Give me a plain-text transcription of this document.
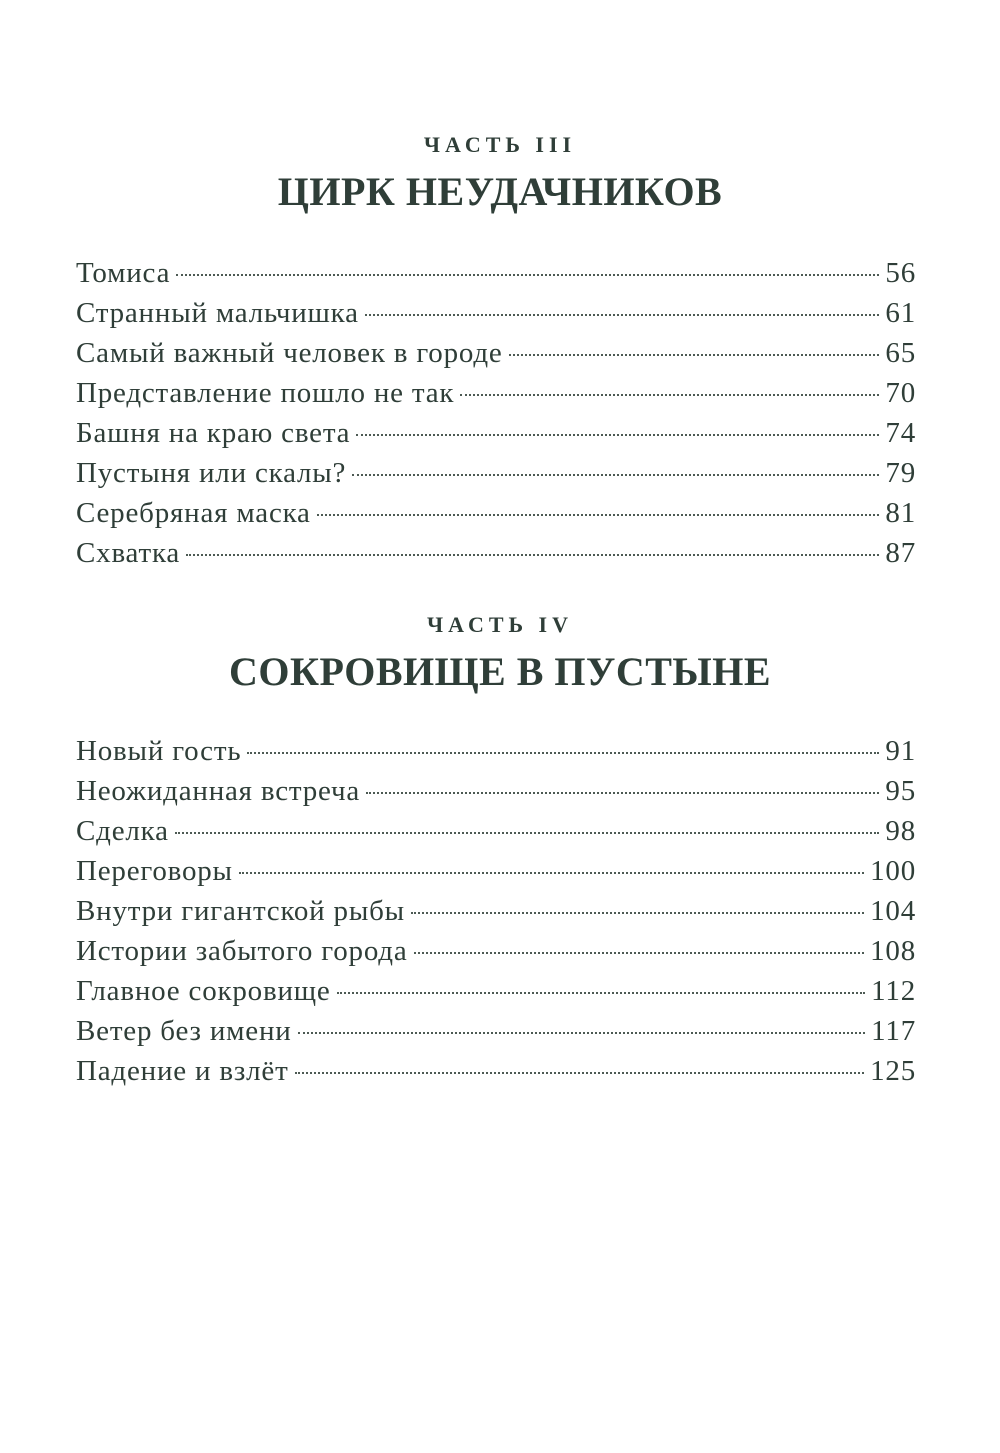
ЧАСТЬ III
ЦИРК НЕУДАЧНИКОВ
Томиса	56
Странный мальчишка	61
Самый важный человек в городе	65
Представление пошло не так	70
Башня на краю света	74
Пустыня или скалы?	79
Серебряная маска	81
Схватка	87
ЧАСТЬ IV
СОКРОВИЩЕ В ПУСТЫНЕ
Новый гость	91
Неожиданная встреча	95
Сделка	98
Переговоры	100
Внутри гигантской рыбы	104
Истории забытого города	108
Главное сокровище	112
Ветер без имени	117
Падение и взлёт	125
